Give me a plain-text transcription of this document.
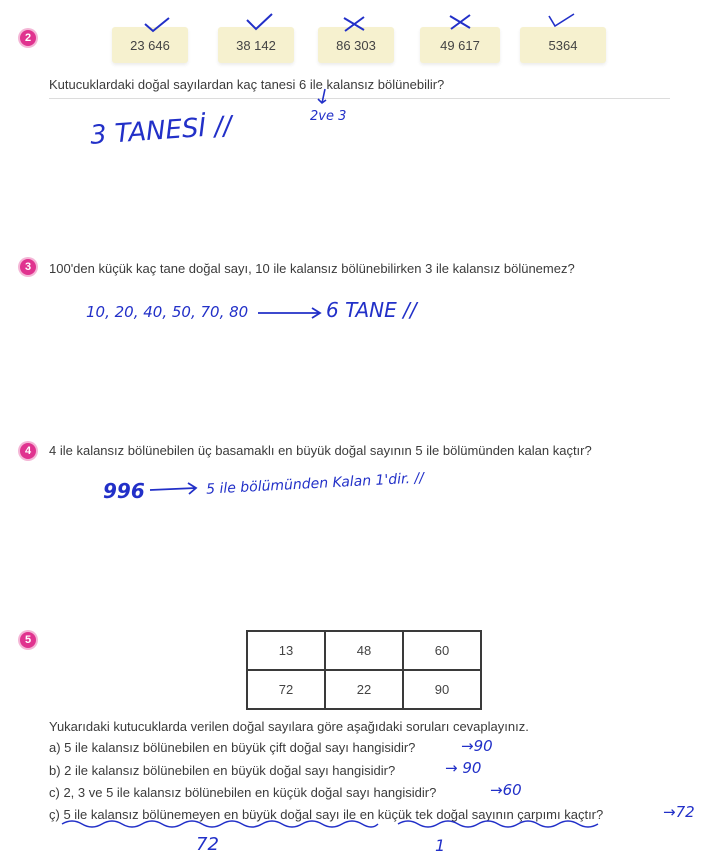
2	23 646	38 142	86 303	49 617	5364
Kutucuklardaki doğal sayılardan kaç tanesi 6 ile kalansız bölünebilir?
2ve 3
3 TANESİ //
3	100'den küçük kaç tane doğal sayı, 10 ile kalansız bölünebilirken 3 ile kalansız bölünemez?
10, 20, 40, 50, 70, 80	6 TANE //
4	4 ile kalansız bölünebilen üç basamaklı en büyük doğal sayının 5 ile bölümünden kalan kaçtır?
996	5 ile bölümünden Kalan 1'dir. //
5
13	48	60
72	22	90
Yukarıdaki kutucuklarda verilen doğal sayılara göre aşağıdaki soruları cevaplayınız.
a) 5 ile kalansız bölünebilen en büyük çift doğal sayı hangisidir?	→90
b) 2 ile kalansız bölünebilen en büyük doğal sayı hangisidir?	→ 90
c) 2, 3 ve 5 ile kalansız bölünebilen en küçük doğal sayı hangisidir?	→60
ç) 5 ile kalansız bölünemeyen en büyük doğal sayı ile en küçük tek doğal sayının çarpımı kaçtır?	→72
72	1
